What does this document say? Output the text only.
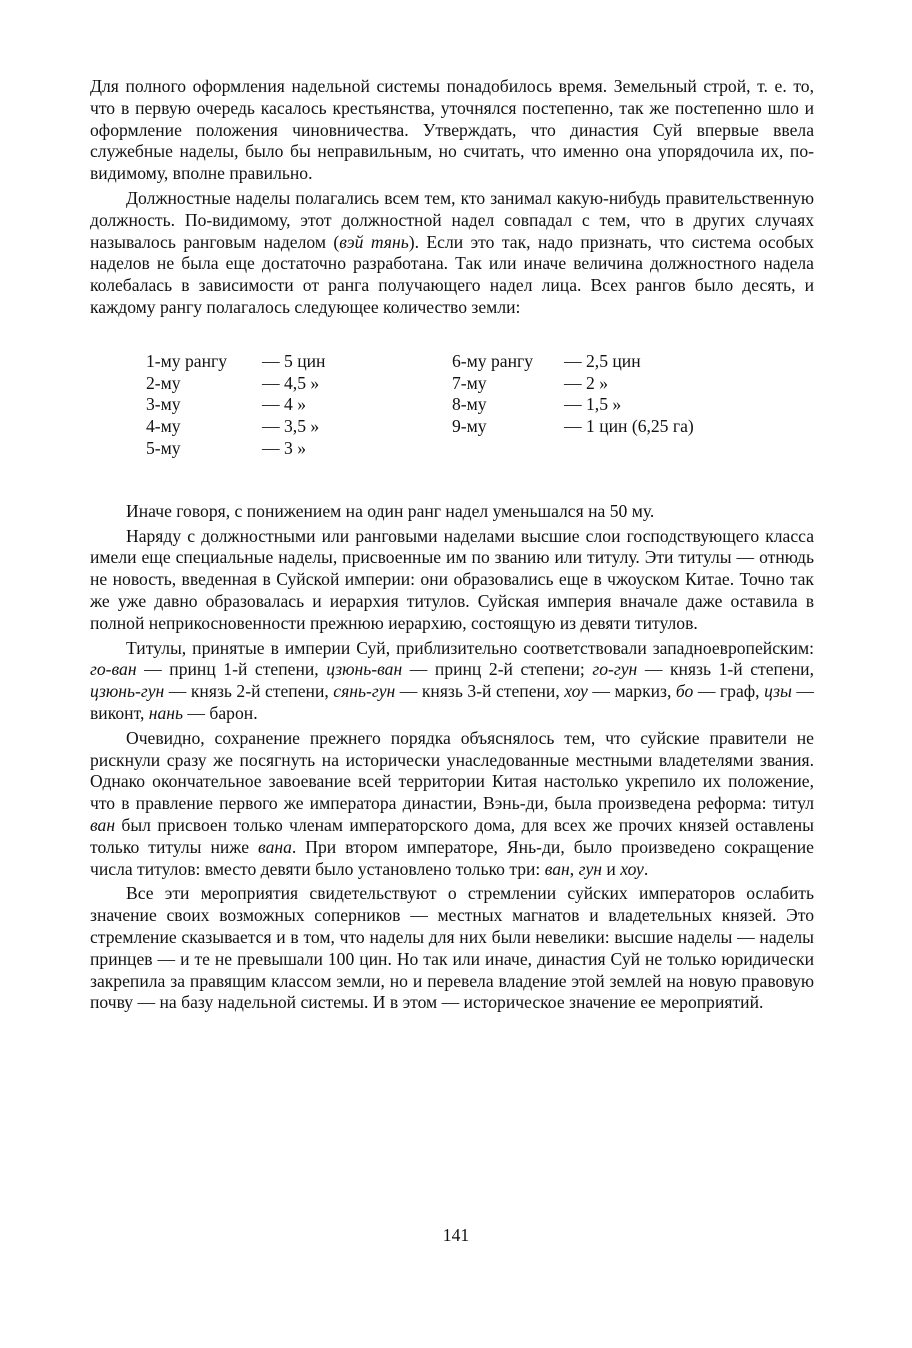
Для полного оформления надельной системы понадобилось время. Земельный строй, т. е. то, что в первую очередь касалось крестьянства, уточнялся постепенно, так же постепенно шло и оформление положения чиновничества. Утверждать, что династия Суй впервые ввела служебные наделы, было бы неправильным, но считать, что именно она упорядочила их, по-видимому, вполне правильно.

Должностные наделы полагались всем тем, кто занимал какую-нибудь правительственную должность. По-видимому, этот должностной надел совпадал с тем, что в других случаях называлось ранговым наделом (вэй тянь). Если это так, надо признать, что система особых наделов не была еще достаточно разработана. Так или иначе величина должностного надела колебалась в зависимости от ранга получающего надел лица. Всех рангов было десять, и каждому рангу полагалось следующее количество земли:

1-му рангу — 5 цин
2-му	— 4,5 »
3-му	— 4 »
4-му	— 3,5 »
5-му	— 3 »
6-му рангу — 2,5 цин
7-му	— 2 »
8-му	— 1,5 »
9-му	— 1 цин (6,25 га)

Иначе говоря, с понижением на один ранг надел уменьшался на 50 му.

Наряду с должностными или ранговыми наделами высшие слои господствующего класса имели еще специальные наделы, присвоенные им по званию или титулу. Эти титулы — отнюдь не новость, введенная в Суйской империи: они образовались еще в чжоуском Китае. Точно так же уже давно образовалась и иерархия титулов. Суйская империя вначале даже оставила в полной неприкосновенности прежнюю иерархию, состоящую из девяти титулов.

Титулы, принятые в империи Суй, приблизительно соответствовали западноевропейским: го-ван — принц 1-й степени, цзюнь-ван — принц 2-й степени; го-гун — князь 1-й степени, цзюнь-гун — князь 2-й степени, сянь-гун — князь 3-й степени, хоу — маркиз, бо — граф, цзы — виконт, нань — барон.

Очевидно, сохранение прежнего порядка объяснялось тем, что суйские правители не рискнули сразу же посягнуть на исторически унаследованные местными владетелями звания. Однако окончательное завоевание всей территории Китая настолько укрепило их положение, что в правление первого же императора династии, Вэнь-ди, была произведена реформа: титул ван был присвоен только членам императорского дома, для всех же прочих князей оставлены только титулы ниже вана. При втором императоре, Янь-ди, было произведено сокращение числа титулов: вместо девяти было установлено только три: ван, гун и хоу.

Все эти мероприятия свидетельствуют о стремлении суйских императоров ослабить значение своих возможных соперников — местных магнатов и владетельных князей. Это стремление сказывается и в том, что наделы для них были невелики: высшие наделы — наделы принцев — и те не превышали 100 цин. Но так или иначе, династия Суй не только юридически закрепила за правящим классом земли, но и перевела владение этой землей на новую правовую почву — на базу надельной системы. И в этом — историческое значение ее мероприятий.

141
